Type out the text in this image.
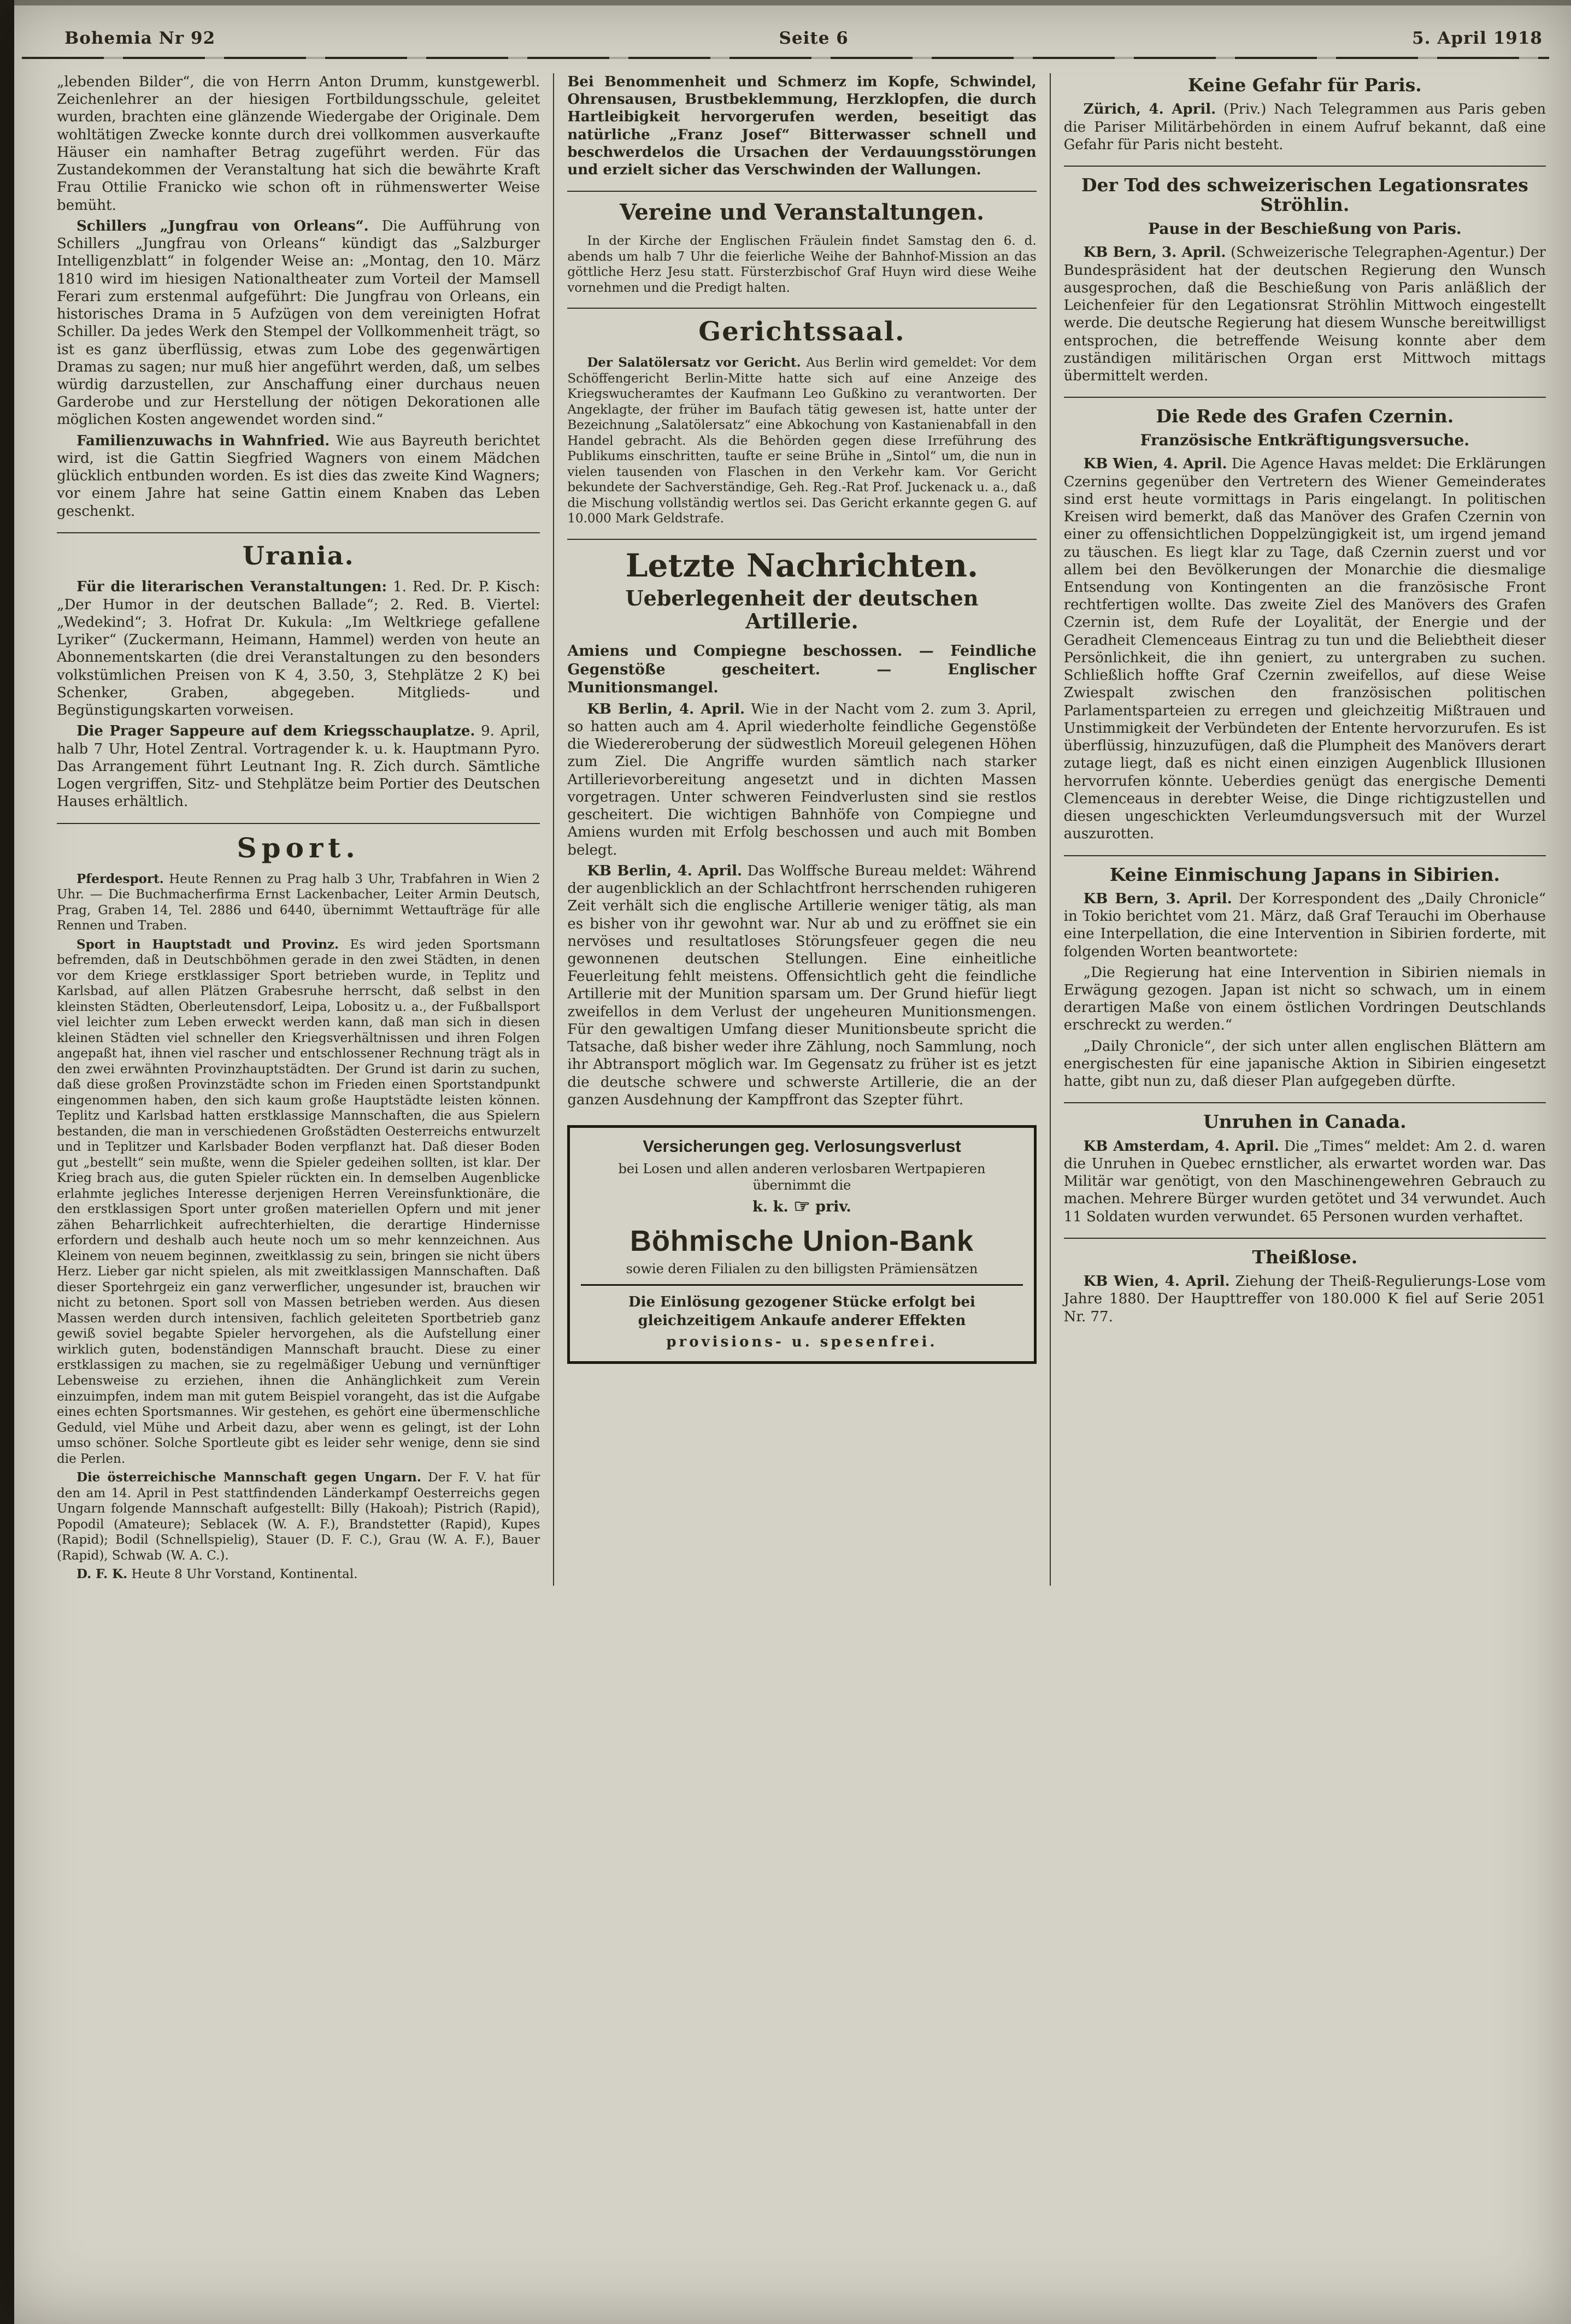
Bohemia Nr 92	Seite 6	5. April 1918

„lebenden Bilder“, die von Herrn Anton Drumm, kunstgewerbl. Zeichenlehrer an der hiesigen Fortbildungsschule, geleitet wurden, brachten eine glänzende Wiedergabe der Originale. Dem wohltätigen Zwecke konnte durch drei vollkommen ausverkaufte Häuser ein namhafter Betrag zugeführt werden. Für das Zustandekommen der Veranstaltung hat sich die bewährte Kraft Frau Ottilie Franicko wie schon oft in rühmenswerter Weise bemüht.

Schillers „Jungfrau von Orleans“. Die Aufführung von Schillers „Jungfrau von Orleans“ kündigt das „Salzburger Intelligenzblatt“ in folgender Weise an: „Montag, den 10. März 1810 wird im hiesigen Nationaltheater zum Vorteil der Mamsell Ferari zum erstenmal aufgeführt: Die Jungfrau von Orleans, ein historisches Drama in 5 Aufzügen von dem vereinigten Hofrat Schiller. Da jedes Werk den Stempel der Vollkommenheit trägt, so ist es ganz überflüssig, etwas zum Lobe des gegenwärtigen Dramas zu sagen; nur muß hier angeführt werden, daß, um selbes würdig darzustellen, zur Anschaffung einer durchaus neuen Garderobe und zur Herstellung der nötigen Dekorationen alle möglichen Kosten angewendet worden sind.“

Familienzuwachs in Wahnfried. Wie aus Bayreuth berichtet wird, ist die Gattin Siegfried Wagners von einem Mädchen glücklich entbunden worden. Es ist dies das zweite Kind Wagners; vor einem Jahre hat seine Gattin einem Knaben das Leben geschenkt.

Urania.

Für die literarischen Veranstaltungen: 1. Red. Dr. P. Kisch: „Der Humor in der deutschen Ballade“; 2. Red. B. Viertel: „Wedekind“; 3. Hofrat Dr. Kukula: „Im Weltkriege gefallene Lyriker“ (Zuckermann, Heimann, Hammel) werden von heute an Abonnementskarten (die drei Veranstaltungen zu den besonders volkstümlichen Preisen von K 4, 3.50, 3, Stehplätze 2 K) bei Schenker, Graben, abgegeben. Mitglieds- und Begünstigungskarten vorweisen.

Die Prager Sappeure auf dem Kriegsschauplatze. 9. April, halb 7 Uhr, Hotel Zentral. Vortragender k. u. k. Hauptmann Pyro. Das Arrangement führt Leutnant Ing. R. Zich durch. Sämtliche Logen vergriffen, Sitz- und Stehplätze beim Portier des Deutschen Hauses erhältlich.

Sport.

Pferdesport. Heute Rennen zu Prag halb 3 Uhr, Trabfahren in Wien 2 Uhr. — Die Buchmacherfirma Ernst Lackenbacher, Leiter Armin Deutsch, Prag, Graben 14, Tel. 2886 und 6440, übernimmt Wettaufträge für alle Rennen und Traben.

Sport in Hauptstadt und Provinz. Es wird jeden Sportsmann befremden, daß in Deutschböhmen gerade in den zwei Städten, in denen vor dem Kriege erstklassiger Sport betrieben wurde, in Teplitz und Karlsbad, auf allen Plätzen Grabesruhe herrscht, daß selbst in den kleinsten Städten, Oberleutensdorf, Leipa, Lobositz u. a., der Fußballsport viel leichter zum Leben erweckt werden kann, daß man sich in diesen kleinen Städten viel schneller den Kriegsverhältnissen und ihren Folgen angepaßt hat, ihnen viel rascher und entschlossener Rechnung trägt als in den zwei erwähnten Provinzhauptstädten. Der Grund ist darin zu suchen, daß diese großen Provinzstädte schon im Frieden einen Sportstandpunkt eingenommen haben, den sich kaum große Hauptstädte leisten können. Teplitz und Karlsbad hatten erstklassige Mannschaften, die aus Spielern bestanden, die man in verschiedenen Großstädten Oesterreichs entwurzelt und in Teplitzer und Karlsbader Boden verpflanzt hat. Daß dieser Boden gut „bestellt“ sein mußte, wenn die Spieler gedeihen sollten, ist klar. Der Krieg brach aus, die guten Spieler rückten ein. In demselben Augenblicke erlahmte jegliches Interesse derjenigen Herren Vereinsfunktionäre, die den erstklassigen Sport unter großen materiellen Opfern und mit jener zähen Beharrlichkeit aufrechterhielten, die derartige Hindernisse erfordern und deshalb auch heute noch um so mehr kennzeichnen. Aus Kleinem von neuem beginnen, zweitklassig zu sein, bringen sie nicht übers Herz. Lieber gar nicht spielen, als mit zweitklassigen Mannschaften. Daß dieser Sportehrgeiz ein ganz verwerflicher, ungesunder ist, brauchen wir nicht zu betonen. Sport soll von Massen betrieben werden. Aus diesen Massen werden durch intensiven, fachlich geleiteten Sportbetrieb ganz gewiß soviel begabte Spieler hervorgehen, als die Aufstellung einer wirklich guten, bodenständigen Mannschaft braucht. Diese zu einer erstklassigen zu machen, sie zu regelmäßiger Uebung und vernünftiger Lebensweise zu erziehen, ihnen die Anhänglichkeit zum Verein einzuimpfen, indem man mit gutem Beispiel vorangeht, das ist die Aufgabe eines echten Sportsmannes. Wir gestehen, es gehört eine übermenschliche Geduld, viel Mühe und Arbeit dazu, aber wenn es gelingt, ist der Lohn umso schöner. Solche Sportleute gibt es leider sehr wenige, denn sie sind die Perlen.

Die österreichische Mannschaft gegen Ungarn. Der F. V. hat für den am 14. April in Pest stattfindenden Länderkampf Oesterreichs gegen Ungarn folgende Mannschaft aufgestellt: Billy (Hakoah); Pistrich (Rapid), Popodil (Amateure); Seblacek (W. A. F.), Brandstetter (Rapid), Kupes (Rapid); Bodil (Schnellspielig), Stauer (D. F. C.), Grau (W. A. F.), Bauer (Rapid), Schwab (W. A. C.).

D. F. K. Heute 8 Uhr Vorstand, Kontinental.

Bei Benommenheit und Schmerz im Kopfe, Schwindel, Ohrensausen, Brustbeklemmung, Herzklopfen, die durch Hartleibigkeit hervorgerufen werden, beseitigt das natürliche „Franz Josef“ Bitterwasser schnell und beschwerdelos die Ursachen der Verdauungsstörungen und erzielt sicher das Verschwinden der Wallungen.

Vereine und Veranstaltungen.

In der Kirche der Englischen Fräulein findet Samstag den 6. d. abends um halb 7 Uhr die feierliche Weihe der Bahnhof-Mission an das göttliche Herz Jesu statt. Fürsterzbischof Graf Huyn wird diese Weihe vornehmen und die Predigt halten.

Gerichtssaal.

Der Salatölersatz vor Gericht. Aus Berlin wird gemeldet: Vor dem Schöffengericht Berlin-Mitte hatte sich auf eine Anzeige des Kriegswucheramtes der Kaufmann Leo Gußkino zu verantworten. Der Angeklagte, der früher im Baufach tätig gewesen ist, hatte unter der Bezeichnung „Salatölersatz“ eine Abkochung von Kastanienabfall in den Handel gebracht. Als die Behörden gegen diese Irreführung des Publikums einschritten, taufte er seine Brühe in „Sintol“ um, die nun in vielen tausenden von Flaschen in den Verkehr kam. Vor Gericht bekundete der Sachverständige, Geh. Reg.-Rat Prof. Juckenack u. a., daß die Mischung vollständig wertlos sei. Das Gericht erkannte gegen G. auf 10.000 Mark Geldstrafe.

Letzte Nachrichten.
Ueberlegenheit der deutschen Artillerie.

Amiens und Compiegne beschossen. — Feindliche Gegenstöße gescheitert. — Englischer Munitionsmangel.

KB Berlin, 4. April. Wie in der Nacht vom 2. zum 3. April, so hatten auch am 4. April wiederholte feindliche Gegenstöße die Wiedereroberung der südwestlich Moreuil gelegenen Höhen zum Ziel. Die Angriffe wurden sämtlich nach starker Artillerievorbereitung angesetzt und in dichten Massen vorgetragen. Unter schweren Feindverlusten sind sie restlos gescheitert. Die wichtigen Bahnhöfe von Compiegne und Amiens wurden mit Erfolg beschossen und auch mit Bomben belegt.

KB Berlin, 4. April. Das Wolffsche Bureau meldet: Während der augenblicklich an der Schlachtfront herrschenden ruhigeren Zeit verhält sich die englische Artillerie weniger tätig, als man es bisher von ihr gewohnt war. Nur ab und zu eröffnet sie ein nervöses und resultatloses Störungsfeuer gegen die neu gewonnenen deutschen Stellungen. Eine einheitliche Feuerleitung fehlt meistens. Offensichtlich geht die feindliche Artillerie mit der Munition sparsam um. Der Grund hiefür liegt zweifellos in dem Verlust der ungeheuren Munitionsmengen. Für den gewaltigen Umfang dieser Munitionsbeute spricht die Tatsache, daß bisher weder ihre Zählung, noch Sammlung, noch ihr Abtransport möglich war. Im Gegensatz zu früher ist es jetzt die deutsche schwere und schwerste Artillerie, die an der ganzen Ausdehnung der Kampffront das Szepter führt.

Versicherungen geg. Verlosungsverlust
bei Losen und allen anderen verlosbaren Wertpapieren übernimmt die
k. k. ☞ priv.
Böhmische Union-Bank
sowie deren Filialen zu den billigsten Prämiensätzen
Die Einlösung gezogener Stücke erfolgt bei gleichzeitigem Ankaufe anderer Effekten
provisions- u. spesenfrei.
Keine Gefahr für Paris.

Zürich, 4. April. (Priv.) Nach Telegrammen aus Paris geben die Pariser Militärbehörden in einem Aufruf bekannt, daß eine Gefahr für Paris nicht besteht.

Der Tod des schweizerischen Legationsrates Ströhlin.
Pause in der Beschießung von Paris.

KB Bern, 3. April. (Schweizerische Telegraphen-Agentur.) Der Bundespräsident hat der deutschen Regierung den Wunsch ausgesprochen, daß die Beschießung von Paris anläßlich der Leichenfeier für den Legationsrat Ströhlin Mittwoch eingestellt werde. Die deutsche Regierung hat diesem Wunsche bereitwilligst entsprochen, die betreffende Weisung konnte aber dem zuständigen militärischen Organ erst Mittwoch mittags übermittelt werden.

Die Rede des Grafen Czernin.
Französische Entkräftigungsversuche.

KB Wien, 4. April. Die Agence Havas meldet: Die Erklärungen Czernins gegenüber den Vertretern des Wiener Gemeinderates sind erst heute vormittags in Paris eingelangt. In politischen Kreisen wird bemerkt, daß das Manöver des Grafen Czernin von einer zu offensichtlichen Doppelzüngigkeit ist, um irgend jemand zu täuschen. Es liegt klar zu Tage, daß Czernin zuerst und vor allem bei den Bevölkerungen der Monarchie die diesmalige Entsendung von Kontingenten an die französische Front rechtfertigen wollte. Das zweite Ziel des Manövers des Grafen Czernin ist, dem Rufe der Loyalität, der Energie und der Geradheit Clemenceaus Eintrag zu tun und die Beliebtheit dieser Persönlichkeit, die ihn geniert, zu untergraben zu suchen. Schließlich hoffte Graf Czernin zweifellos, auf diese Weise Zwiespalt zwischen den französischen politischen Parlamentsparteien zu erregen und gleichzeitig Mißtrauen und Unstimmigkeit der Verbündeten der Entente hervorzurufen. Es ist überflüssig, hinzuzufügen, daß die Plumpheit des Manövers derart zutage liegt, daß es nicht einen einzigen Augenblick Illusionen hervorrufen könnte. Ueberdies genügt das energische Dementi Clemenceaus in derebter Weise, die Dinge richtigzustellen und diesen ungeschickten Verleumdungsversuch mit der Wurzel auszurotten.

Keine Einmischung Japans in Sibirien.

KB Bern, 3. April. Der Korrespondent des „Daily Chronicle“ in Tokio berichtet vom 21. März, daß Graf Terauchi im Oberhause eine Interpellation, die eine Intervention in Sibirien forderte, mit folgenden Worten beantwortete:

„Die Regierung hat eine Intervention in Sibirien niemals in Erwägung gezogen. Japan ist nicht so schwach, um in einem derartigen Maße von einem östlichen Vordringen Deutschlands erschreckt zu werden.“

„Daily Chronicle“, der sich unter allen englischen Blättern am energischesten für eine japanische Aktion in Sibirien eingesetzt hatte, gibt nun zu, daß dieser Plan aufgegeben dürfte.

Unruhen in Canada.

KB Amsterdam, 4. April. Die „Times“ meldet: Am 2. d. waren die Unruhen in Quebec ernstlicher, als erwartet worden war. Das Militär war genötigt, von den Maschinengewehren Gebrauch zu machen. Mehrere Bürger wurden getötet und 34 verwundet. Auch 11 Soldaten wurden verwundet. 65 Personen wurden verhaftet.

Theißlose.

KB Wien, 4. April. Ziehung der Theiß-Regulierungs-Lose vom Jahre 1880. Der Haupttreffer von 180.000 K fiel auf Serie 2051 Nr. 77.
